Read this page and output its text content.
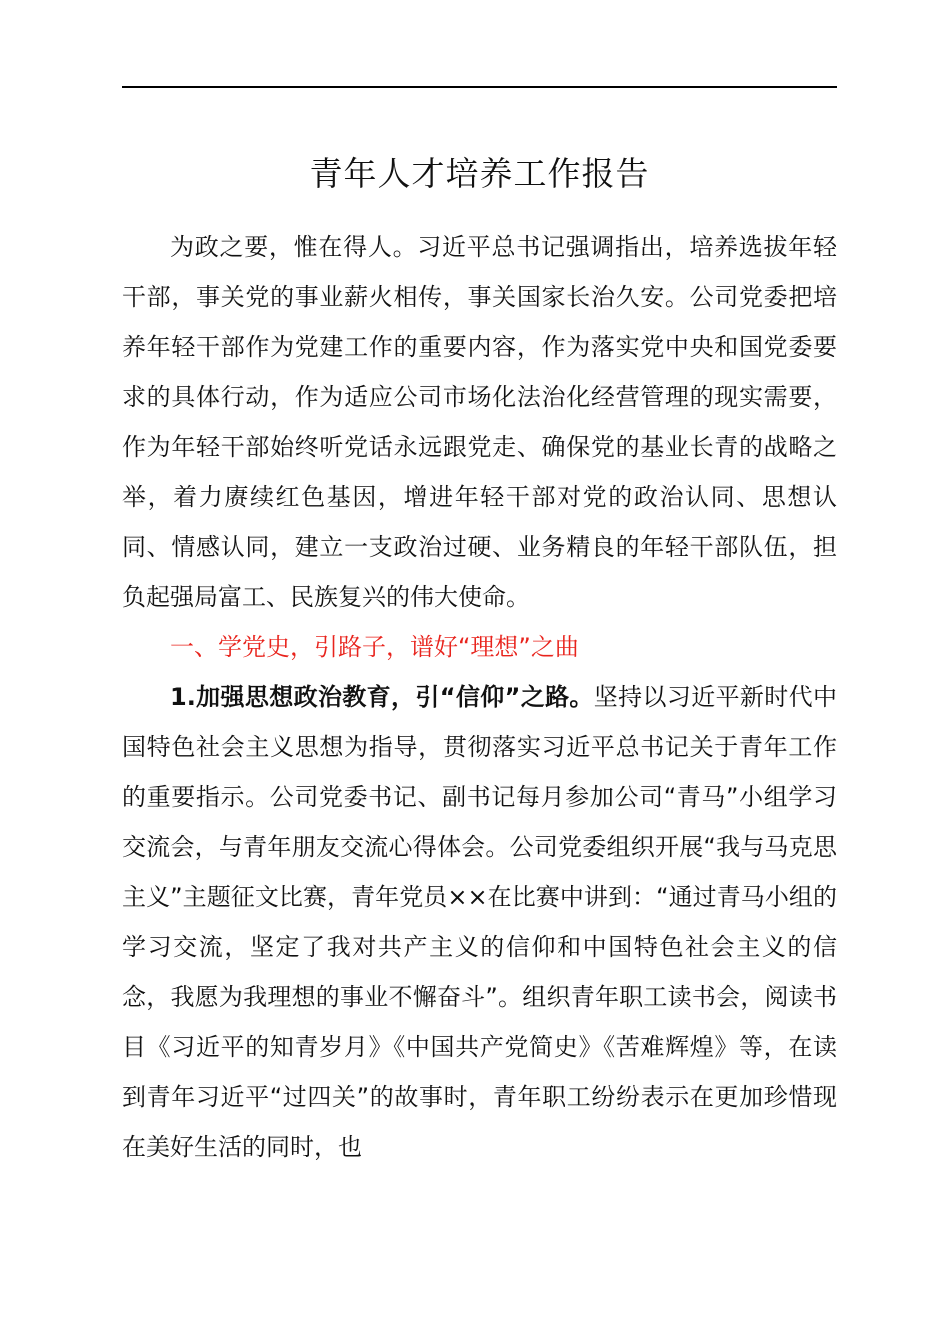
青年人才培养工作报告

为政之要，惟在得人。习近平总书记强调指出，培养选拔年轻干部，事关党的事业薪火相传，事关国家长治久安。公司党委把培养年轻干部作为党建工作的重要内容，作为落实党中央和国党委要求的具体行动，作为适应公司市场化法治化经营管理的现实需要，作为年轻干部始终听党话永远跟党走、确保党的基业长青的战略之举，着力赓续红色基因，增进年轻干部对党的政治认同、思想认同、情感认同，建立一支政治过硬、业务精良的年轻干部队伍，担负起强局富工、民族复兴的伟大使命。

一、学党史，引路子，谱好“理想”之曲

1.加强思想政治教育，引“信仰”之路。坚持以习近平新时代中国特色社会主义思想为指导，贯彻落实习近平总书记关于青年工作的重要指示。公司党委书记、副书记每月参加公司“青马”小组学习交流会，与青年朋友交流心得体会。公司党委组织开展“我与马克思主义”主题征文比赛，青年党员××在比赛中讲到：“通过青马小组的学习交流，坚定了我对共产主义的信仰和中国特色社会主义的信念，我愿为我理想的事业不懈奋斗”。组织青年职工读书会，阅读书目《习近平的知青岁月》《中国共产党简史》《苦难辉煌》等，在读到青年习近平“过四关”的故事时，青年职工纷纷表示在更加珍惜现在美好生活的同时，也
